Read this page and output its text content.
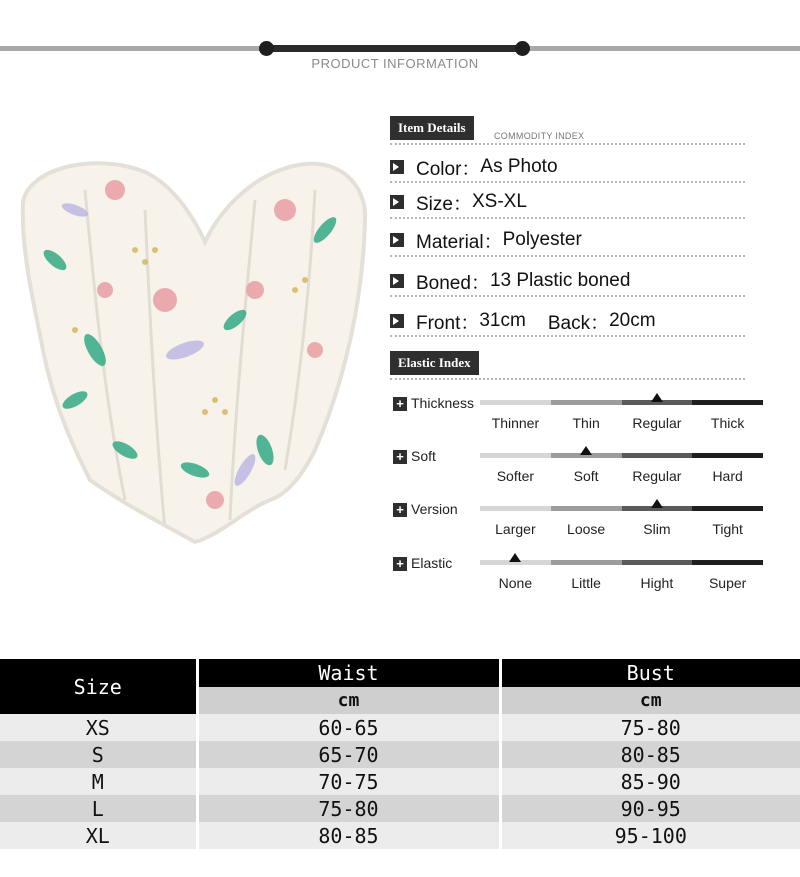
PRODUCT INFORMATION
Item Details
COMMODITY INDEX
Color： As Photo
Size： XS-XL
Material： Polyester
Boned： 13 Plastic boned
Front： 31cm Back： 20cm
Elastic Index
+ Thickness
Thinner Thin Regular Thick
+ Soft
Softer	Soft Regular Hard
+ Version
Larger Loose	Slim	Tight
+ Elastic
None	Little	Hight	Super
Size	Waist	Bust
	cm	cm
XS	60-65	75-80
S	65-70	80-85
M	70-75	85-90
L	75-80	90-95
XL	80-85	95-100
